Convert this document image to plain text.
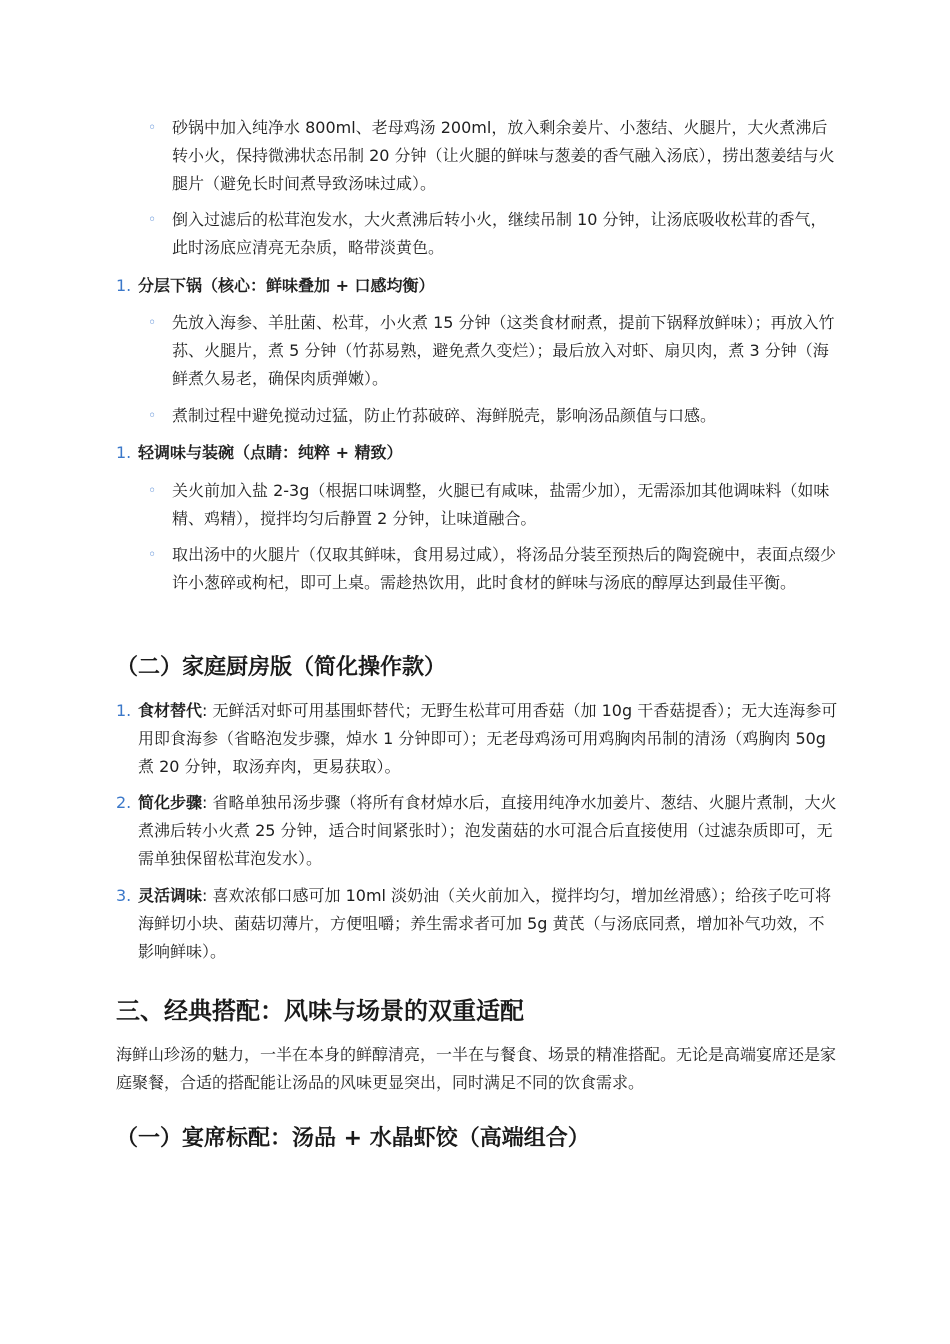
◦ 砂锅中加入纯净水 800ml、老母鸡汤 200ml，放入剩余姜片、小葱结、火腿片，大火煮沸后转小火，保持微沸状态吊制 20 分钟（让火腿的鲜味与葱姜的香气融入汤底），捞出葱姜结与火腿片（避免长时间煮导致汤味过咸）。

◦ 倒入过滤后的松茸泡发水，大火煮沸后转小火，继续吊制 10 分钟，让汤底吸收松茸的香气，此时汤底应清亮无杂质，略带淡黄色。

1. 分层下锅（核心：鲜味叠加 + 口感均衡）

◦ 先放入海参、羊肚菌、松茸，小火煮 15 分钟（这类食材耐煮，提前下锅释放鲜味）；再放入竹荪、火腿片，煮 5 分钟（竹荪易熟，避免煮久变烂）；最后放入对虾、扇贝肉，煮 3 分钟（海鲜煮久易老，确保肉质弹嫩）。

◦ 煮制过程中避免搅动过猛，防止竹荪破碎、海鲜脱壳，影响汤品颜值与口感。

1. 轻调味与装碗（点睛：纯粹 + 精致）

◦ 关火前加入盐 2-3g（根据口味调整，火腿已有咸味，盐需少加），无需添加其他调味料（如味精、鸡精），搅拌均匀后静置 2 分钟，让味道融合。

◦ 取出汤中的火腿片（仅取其鲜味，食用易过咸），将汤品分装至预热后的陶瓷碗中，表面点缀少许小葱碎或枸杞，即可上桌。需趁热饮用，此时食材的鲜味与汤底的醇厚达到最佳平衡。

（二）家庭厨房版（简化操作款）
1. 食材替代: 无鲜活对虾可用基围虾替代；无野生松茸可用香菇（加 10g 干香菇提香）；无大连海参可用即食海参（省略泡发步骤，焯水 1 分钟即可）；无老母鸡汤可用鸡胸肉吊制的清汤（鸡胸肉 50g 煮 20 分钟，取汤弃肉，更易获取）。

2. 简化步骤: 省略单独吊汤步骤（将所有食材焯水后，直接用纯净水加姜片、葱结、火腿片煮制，大火煮沸后转小火煮 25 分钟，适合时间紧张时）；泡发菌菇的水可混合后直接使用（过滤杂质即可，无需单独保留松茸泡发水）。

3. 灵活调味: 喜欢浓郁口感可加 10ml 淡奶油（关火前加入，搅拌均匀，增加丝滑感）；给孩子吃可将海鲜切小块、菌菇切薄片，方便咀嚼；养生需求者可加 5g 黄芪（与汤底同煮，增加补气功效，不影响鲜味）。

三、经典搭配：风味与场景的双重适配

海鲜山珍汤的魅力，一半在本身的鲜醇清亮，一半在与餐食、场景的精准搭配。无论是高端宴席还是家庭聚餐，合适的搭配能让汤品的风味更显突出，同时满足不同的饮食需求。

（一）宴席标配：汤品 + 水晶虾饺（高端组合）
